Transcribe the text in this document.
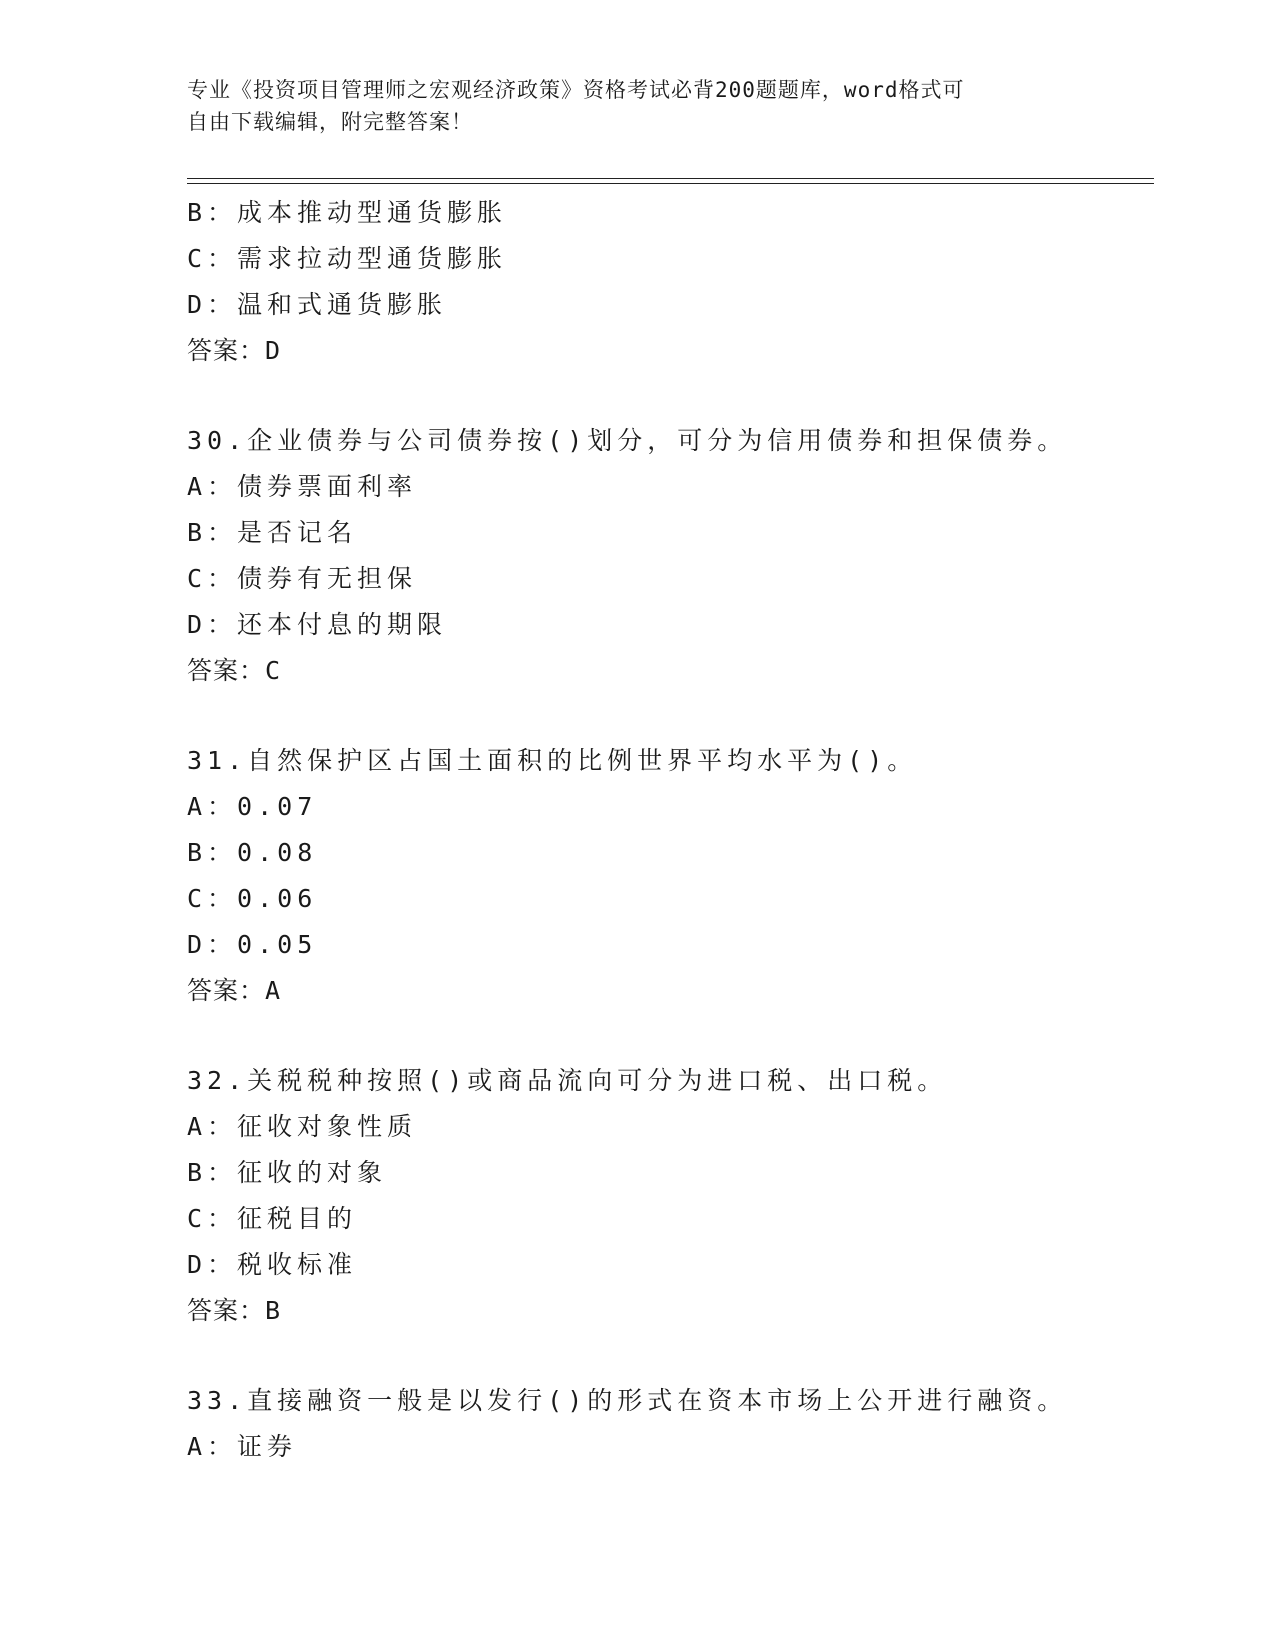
专业《投资项目管理师之宏观经济政策》资格考试必背200题题库，word格式可
自由下载编辑，附完整答案！
B：成本推动型通货膨胀
C：需求拉动型通货膨胀
D：温和式通货膨胀
答案：D
30.企业债券与公司债券按()划分，可分为信用债券和担保债券。
A：债券票面利率
B：是否记名
C：债券有无担保
D：还本付息的期限
答案：C
31.自然保护区占国土面积的比例世界平均水平为()。
A：0.07
B：0.08
C：0.06
D：0.05
答案：A
32.关税税种按照()或商品流向可分为进口税、出口税。
A：征收对象性质
B：征收的对象
C：征税目的
D：税收标准
答案：B
33.直接融资一般是以发行()的形式在资本市场上公开进行融资。
A：证券
